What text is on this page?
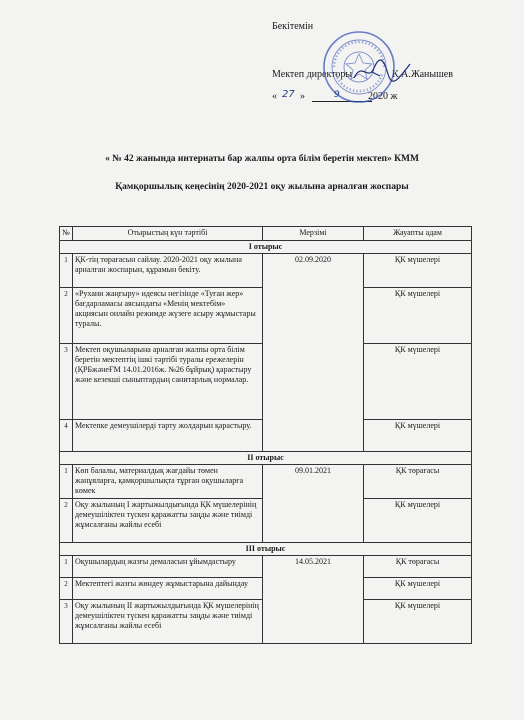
Бекітемін
Мектеп директоры	К.А.Жанышев
« 27 »	9	2020 ж
« № 42 жанында интернаты бар жалпы орта білім беретін мектеп» КММ
Қамқоршылық кеңесінің 2020-2021 оқу жылына арналған жоспары
№	Отырыстың күн тәртібі	Мерзімі	Жауапты адам
I отырыс			
1	ҚК-тің төрағасын сайлау. 2020-2021 оқу жылына арналған жоспарын, құрамын бекіту.	02.09.2020	ҚК мүшелері
2	«Рухани жаңғыру» идеясы негізінде «Туған жер» бағдарламасы аясындағы «Менің мектебім» акциясын онлайн режимде жүзеге асыру жұмыстары туралы.		ҚК мүшелері
3	Мектеп оқушыларына арналған жалпы орта білім беретін мектептің ішкі тәртібі туралы ережелерін (ҚРБжәнеҒМ 14.01.2016ж. №26 бұйрық) қарастыру және кезекші сыныптардың санитарлық нормалар.		ҚК мүшелері
4	Мектепке демеушілерді тарту жолдарын қарастыру.		ҚК мүшелері
II отырыс			
1	Көп балалы, материалдық жағдайы төмен жанұяларға, қамқоршылықта тұрған оқушыларға көмек	09.01.2021	ҚК төрағасы
2	Оқу жылының I жартыжылдығында ҚК мүшелерінің демеушіліктен түскен қаражатты заңды және тиімді жұмсалғаны жайлы есебі		ҚК мүшелері
III отырыс			
1	Оқушылардың жазғы демаласын ұйымдастыру	14.05.2021	ҚК төрағасы
2	Мектептегі жазғы жөндеу жұмыстарына дайындау		ҚК мүшелері
3	Оқу жылының II жартыжылдығында ҚК мүшелерінің демеушіліктен түскен қаражатты заңды және тиімді жұмсалғаны жайлы есебі		ҚК мүшелері
